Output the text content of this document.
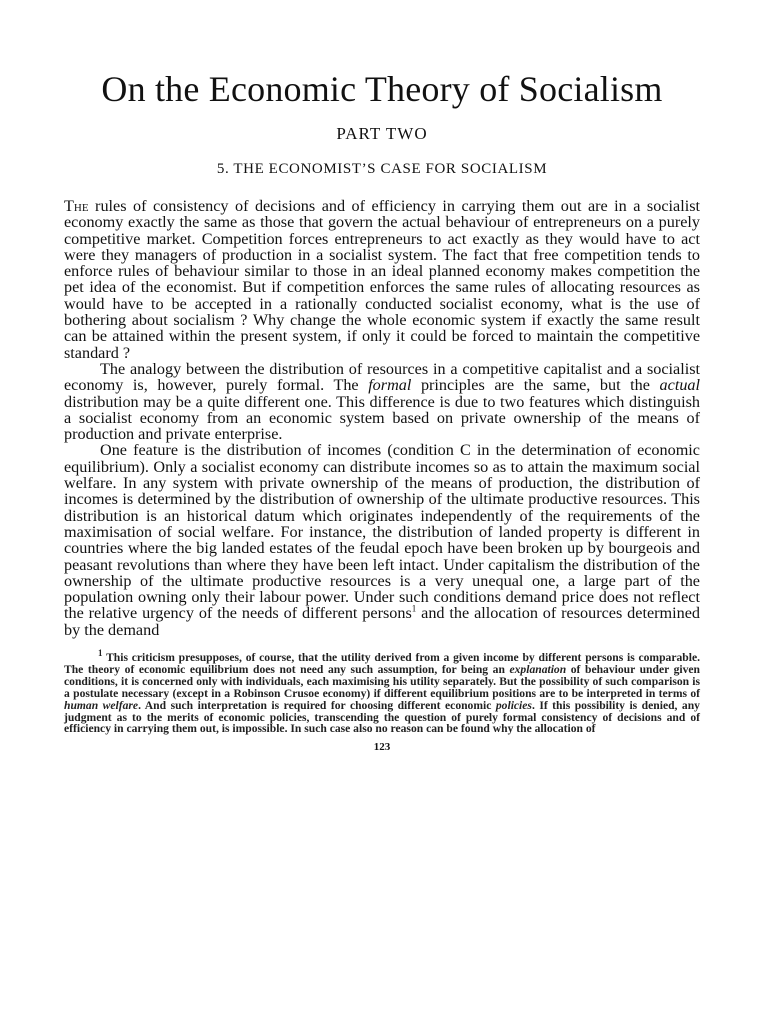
On the Economic Theory of Socialism
PART TWO
5. THE ECONOMIST’S CASE FOR SOCIALISM

The rules of consistency of decisions and of efficiency in carrying them out are in a socialist economy exactly the same as those that govern the actual behaviour of entrepreneurs on a purely competitive market. Competition forces entrepreneurs to act exactly as they would have to act were they managers of production in a socialist system. The fact that free competition tends to enforce rules of behaviour similar to those in an ideal planned economy makes competition the pet idea of the economist. But if competition enforces the same rules of allocating resources as would have to be accepted in a rationally conducted socialist economy, what is the use of bothering about socialism ? Why change the whole economic system if exactly the same result can be attained within the present system, if only it could be forced to maintain the competitive standard ?

The analogy between the distribution of resources in a competitive capitalist and a socialist economy is, however, purely formal. The formal principles are the same, but the actual distribution may be a quite different one. This difference is due to two features which distinguish a socialist economy from an economic system based on private ownership of the means of production and private enterprise.

One feature is the distribution of incomes (condition C in the determination of economic equilibrium). Only a socialist economy can distribute incomes so as to attain the maximum social welfare. In any system with private ownership of the means of production, the distribution of incomes is determined by the distribution of ownership of the ultimate productive resources. This distribution is an historical datum which originates independently of the requirements of the maximisation of social welfare. For instance, the distribution of landed property is different in countries where the big landed estates of the feudal epoch have been broken up by bourgeois and peasant revolutions than where they have been left intact. Under capitalism the distribution of the ownership of the ultimate productive resources is a very unequal one, a large part of the population owning only their labour power. Under such conditions demand price does not reflect the relative urgency of the needs of different persons$^1$ and the allocation of resources determined by the demand

$^1$ This criticism presupposes, of course, that the utility derived from a given income by different persons is comparable. The theory of economic equilibrium does not need any such assumption, for being an explanation of behaviour under given conditions, it is concerned only with individuals, each maximising his utility separately. But the possibility of such comparison is a postulate necessary (except in a Robinson Crusoe economy) if different equilibrium positions are to be interpreted in terms of human welfare. And such interpretation is required for choosing different economic policies. If this possibility is denied, any judgment as to the merits of economic policies, transcending the question of purely formal consistency of decisions and of efficiency in carrying them out, is impossible. In such case also no reason can be found why the allocation of

123
